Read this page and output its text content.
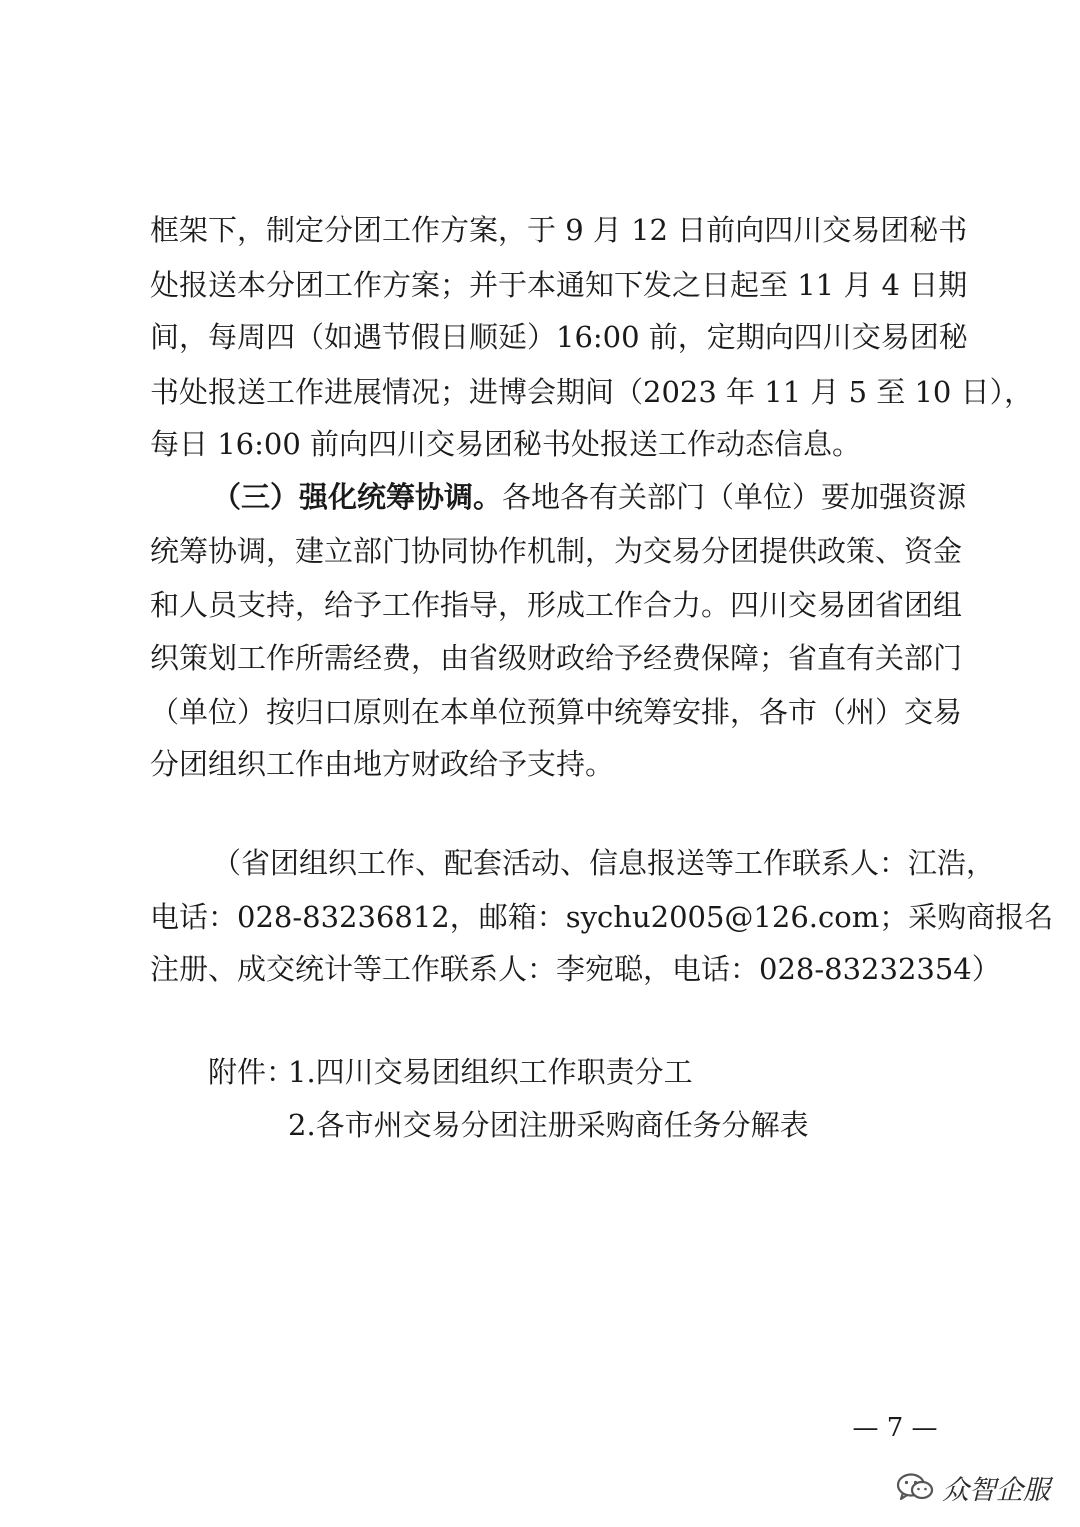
框架下，制定分团工作方案，于 9 月 12 日前向四川交易团秘书
处报送本分团工作方案；并于本通知下发之日起至 11 月 4 日期
间，每周四（如遇节假日顺延）16:00 前，定期向四川交易团秘
书处报送工作进展情况；进博会期间（2023 年 11 月 5 至 10 日），
每日 16:00 前向四川交易团秘书处报送工作动态信息。
（三）强化统筹协调。各地各有关部门（单位）要加强资源
统筹协调，建立部门协同协作机制，为交易分团提供政策、资金
和人员支持，给予工作指导，形成工作合力。四川交易团省团组
织策划工作所需经费，由省级财政给予经费保障；省直有关部门
（单位）按归口原则在本单位预算中统筹安排，各市（州）交易
分团组织工作由地方财政给予支持。
（省团组织工作、配套活动、信息报送等工作联系人：江浩，
电话：028-83236812，邮箱：sychu2005@126.com；采购商报名
注册、成交统计等工作联系人：李宛聪，电话：028-83232354）
附件：
1.四川交易团组织工作职责分工
2.各市州交易分团注册采购商任务分解表
— 7 —
众智企服
